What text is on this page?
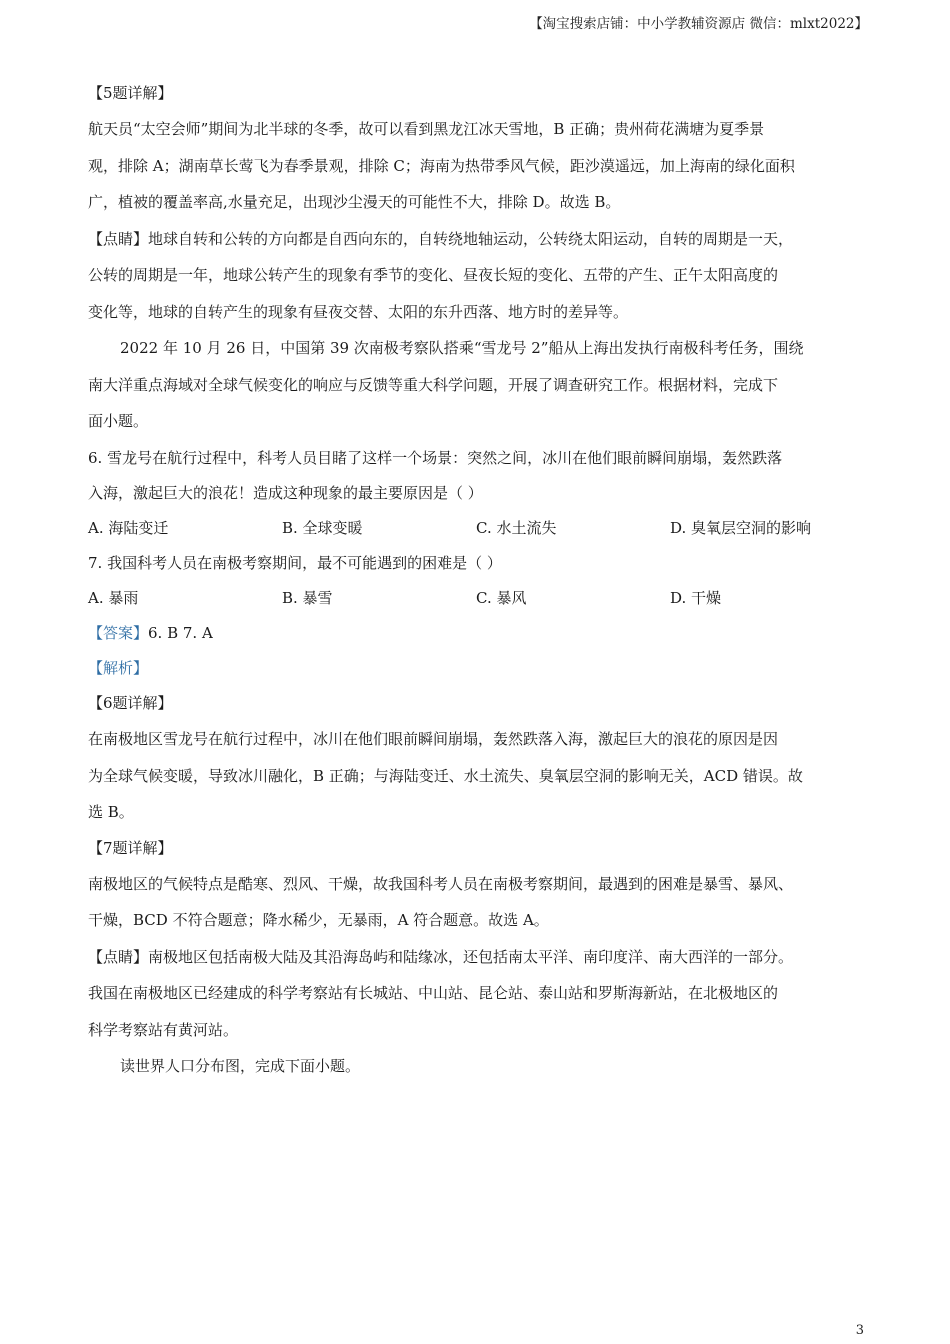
【淘宝搜索店铺：中小学教辅资源店 微信：mlxt2022】
【5题详解】
航天员“太空会师”期间为北半球的冬季，故可以看到黑龙江冰天雪地，B 正确；贵州荷花满塘为夏季景
观，排除 A；湖南草长莺飞为春季景观，排除 C；海南为热带季风气候，距沙漠遥远，加上海南的绿化面积
广，植被的覆盖率高,水量充足，出现沙尘漫天的可能性不大，排除 D。故选 B。
【点睛】地球自转和公转的方向都是自西向东的，自转绕地轴运动，公转绕太阳运动，自转的周期是一天，
公转的周期是一年，地球公转产生的现象有季节的变化、昼夜长短的变化、五带的产生、正午太阳高度的
变化等，地球的自转产生的现象有昼夜交替、太阳的东升西落、地方时的差异等。
2022 年 10 月 26 日，中国第 39 次南极考察队搭乘“雪龙号 2”船从上海出发执行南极科考任务，围绕
南大洋重点海域对全球气候变化的响应与反馈等重大科学问题，开展了调查研究工作。根据材料，完成下
面小题。
6. 雪龙号在航行过程中，科考人员目睹了这样一个场景：突然之间，冰川在他们眼前瞬间崩塌，轰然跌落
入海，激起巨大的浪花！造成这种现象的最主要原因是（ ）
A. 海陆变迁	B. 全球变暖	C. 水土流失	D. 臭氧层空洞的影响
7. 我国科考人员在南极考察期间，最不可能遇到的困难是（ ）
A. 暴雨	B. 暴雪	C. 暴风	D. 干燥
【答案】6. B 7. A
【解析】
【6题详解】
在南极地区雪龙号在航行过程中，冰川在他们眼前瞬间崩塌，轰然跌落入海，激起巨大的浪花的原因是因
为全球气候变暖，导致冰川融化，B 正确；与海陆变迁、水土流失、臭氧层空洞的影响无关，ACD 错误。故
选 B。
【7题详解】
南极地区的气候特点是酷寒、烈风、干燥，故我国科考人员在南极考察期间，最遇到的困难是暴雪、暴风、
干燥，BCD 不符合题意；降水稀少，无暴雨，A 符合题意。故选 A。
【点睛】南极地区包括南极大陆及其沿海岛屿和陆缘冰，还包括南太平洋、南印度洋、南大西洋的一部分。
我国在南极地区已经建成的科学考察站有长城站、中山站、昆仑站、泰山站和罗斯海新站，在北极地区的
科学考察站有黄河站。
读世界人口分布图，完成下面小题。
3
